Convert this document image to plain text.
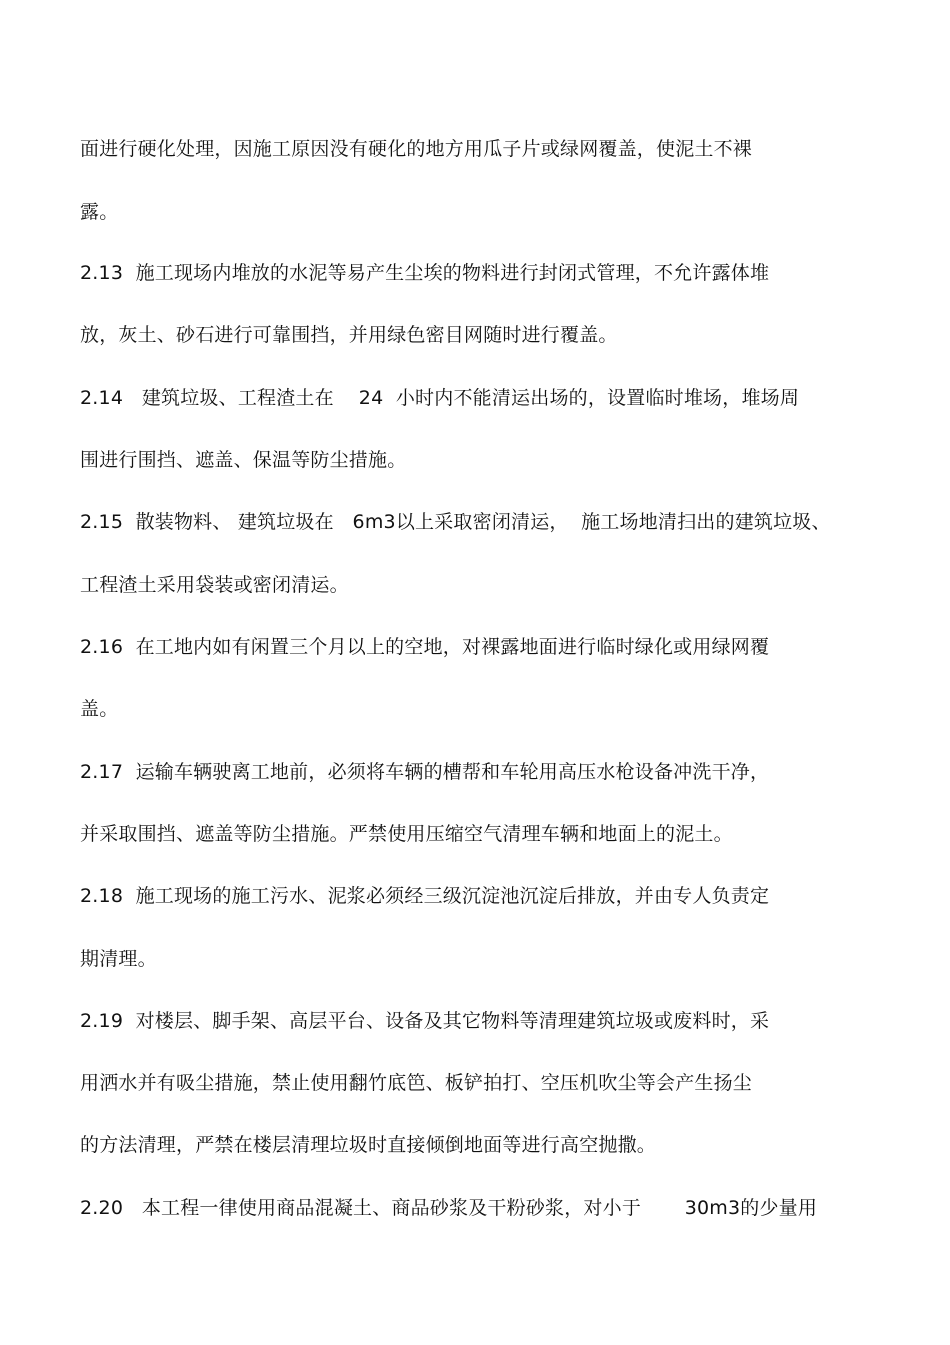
面进行硬化处理，因施工原因没有硬化的地方用瓜子片或绿网覆盖，使泥土不裸
露。
2.13  施工现场内堆放的水泥等易产生尘埃的物料进行封闭式管理，不允许露体堆
放，灰土、砂石进行可靠围挡，并用绿色密目网随时进行覆盖。
2.14   建筑垃圾、工程渣土在    24  小时内不能清运出场的，设置临时堆场，堆场周
围进行围挡、遮盖、保温等防尘措施。
2.15  散装物料、 建筑垃圾在   6m3以上采取密闭清运，  施工场地清扫出的建筑垃圾、
工程渣土采用袋装或密闭清运。
2.16  在工地内如有闲置三个月以上的空地，对裸露地面进行临时绿化或用绿网覆
盖。
2.17  运输车辆驶离工地前，必须将车辆的槽帮和车轮用高压水枪设备冲洗干净，
并采取围挡、遮盖等防尘措施。严禁使用压缩空气清理车辆和地面上的泥土。
2.18  施工现场的施工污水、泥浆必须经三级沉淀池沉淀后排放，并由专人负责定
期清理。
2.19  对楼层、脚手架、高层平台、设备及其它物料等清理建筑垃圾或废料时，采
用洒水并有吸尘措施，禁止使用翻竹底笆、板铲拍打、空压机吹尘等会产生扬尘
的方法清理，严禁在楼层清理垃圾时直接倾倒地面等进行高空抛撒。
2.20   本工程一律使用商品混凝土、商品砂浆及干粉砂浆，对小于       30m3的少量用
